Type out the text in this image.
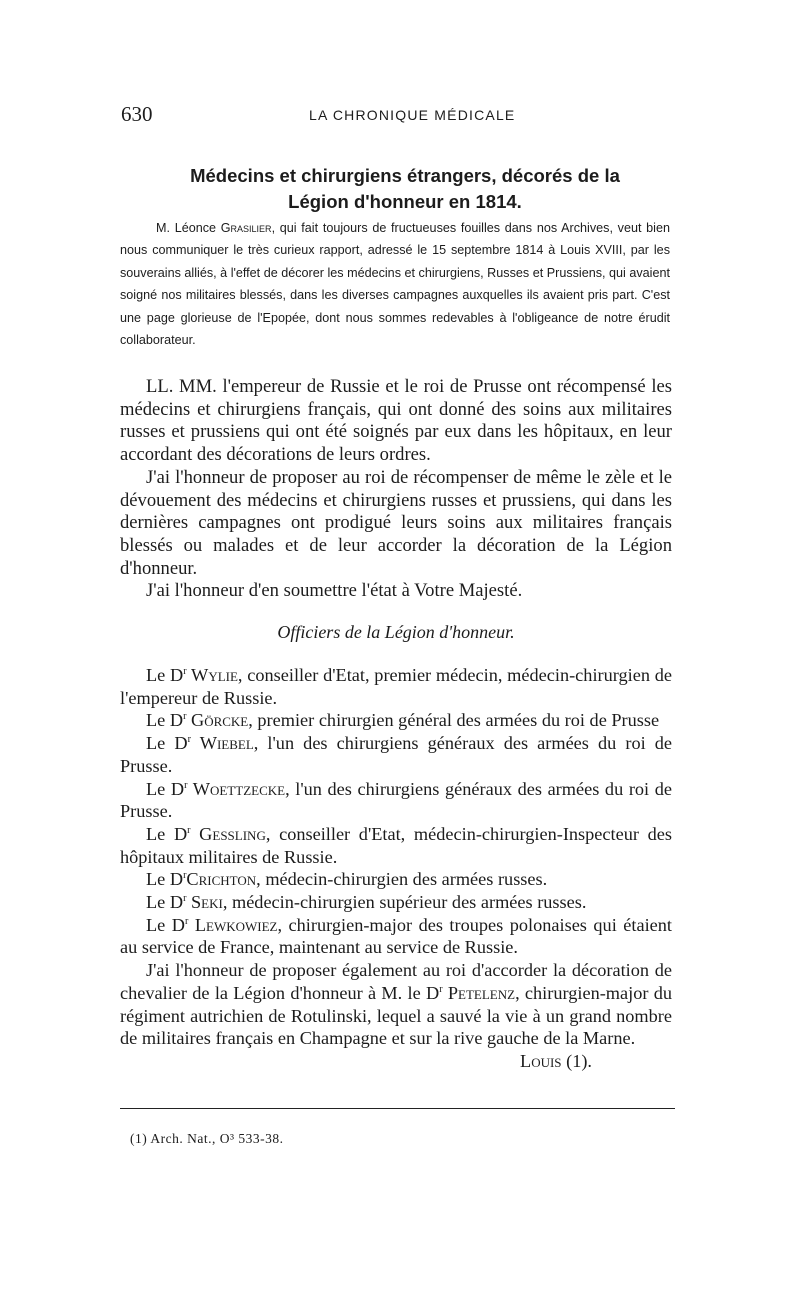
630	LA CHRONIQUE MÉDICALE
Médecins et chirurgiens étrangers, décorés de la
Légion d'honneur en 1814.

M. Léonce Grasilier, qui fait toujours de fructueuses fouilles dans nos Archives, veut bien nous communiquer le très curieux rapport, adressé le 15 septembre 1814 à Louis XVIII, par les souverains alliés, à l'effet de décorer les médecins et chirurgiens, Russes et Prussiens, qui avaient soigné nos militaires blessés, dans les diverses campagnes auxquelles ils avaient pris part. C'est une page glorieuse de l'Epopée, dont nous sommes redevables à l'obligeance de notre érudit collaborateur.

LL. MM. l'empereur de Russie et le roi de Prusse ont récompensé les médecins et chirurgiens français, qui ont donné des soins aux militaires russes et prussiens qui ont été soignés par eux dans les hôpitaux, en leur accordant des décorations de leurs ordres.

J'ai l'honneur de proposer au roi de récompenser de même le zèle et le dévouement des médecins et chirurgiens russes et prussiens, qui dans les dernières campagnes ont prodigué leurs soins aux militaires français blessés ou malades et de leur accorder la décoration de la Légion d'honneur.

J'ai l'honneur d'en soumettre l'état à Votre Majesté.

Officiers de la Légion d'honneur.

Le $D^r$ Wylie, conseiller d'Etat, premier médecin, médecin-chirurgien de l'empereur de Russie.

Le $D^r$ Görcke, premier chirurgien général des armées du roi de Prusse

Le $D^r$ Wiebel, l'un des chirurgiens généraux des armées du roi de Prusse.

Le $D^r$ Woettzecke, l'un des chirurgiens généraux des armées du roi de Prusse.

Le $D^r$ Gessling, conseiller d'Etat, médecin-chirurgien-Inspecteur des hôpitaux militaires de Russie.

Le $D^rCrichton$, médecin-chirurgien des armées russes.

Le $D^r$ Seki, médecin-chirurgien supérieur des armées russes.

Le $D^r$ Lewkowiez, chirurgien-major des troupes polonaises qui étaient au service de France, maintenant au service de Russie.

J'ai l'honneur de proposer également au roi d'accorder la décoration de chevalier de la Légion d'honneur à M. le $D^r$ Petelenz, chirurgien-major du régiment autrichien de Rotulinski, lequel a sauvé la vie à un grand nombre de militaires français en Champagne et sur la rive gauche de la Marne.

Louis (1).

(1) Arch. Nat., O³ 533-38.
